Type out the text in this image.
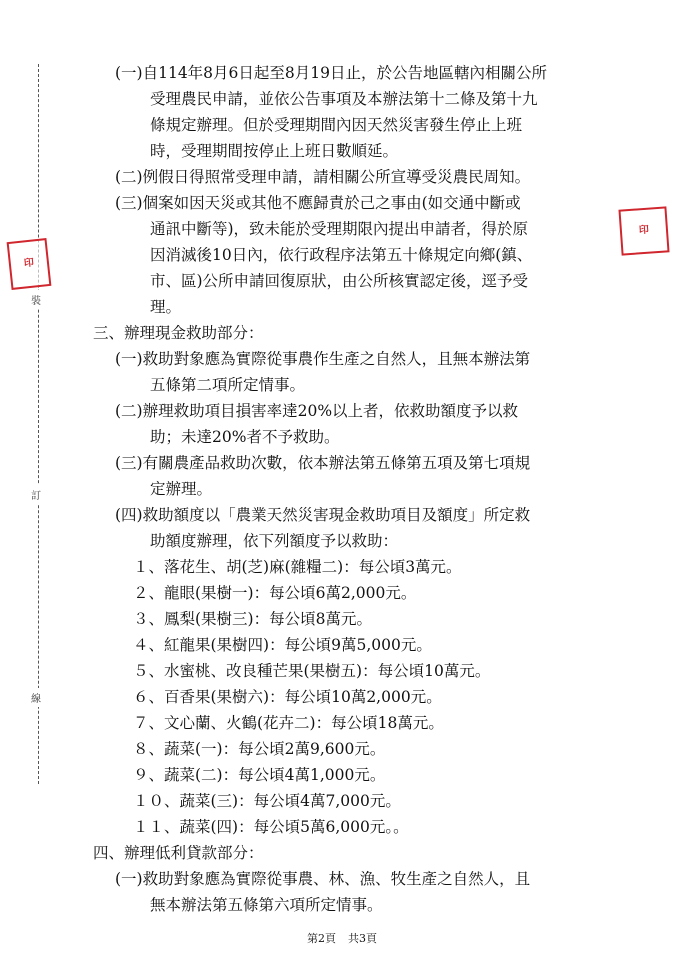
裝
訂
線
印
印
(一)自114年8月6日起至8月19日止，於公告地區轄內相關公所
受理農民申請，並依公告事項及本辦法第十二條及第十九
條規定辦理。但於受理期間內因天然災害發生停止上班
時，受理期間按停止上班日數順延。
(二)例假日得照常受理申請，請相關公所宣導受災農民周知。
(三)個案如因天災或其他不應歸責於己之事由(如交通中斷或
通訊中斷等)，致未能於受理期限內提出申請者，得於原
因消滅後10日內，依行政程序法第五十條規定向鄉(鎮、
市、區)公所申請回復原狀，由公所核實認定後，逕予受
理。
三、辦理現金救助部分：
(一)救助對象應為實際從事農作生產之自然人，且無本辦法第
五條第二項所定情事。
(二)辦理救助項目損害率達20%以上者，依救助額度予以救
助；未達20%者不予救助。
(三)有關農產品救助次數，依本辦法第五條第五項及第七項規
定辦理。
(四)救助額度以「農業天然災害現金救助項目及額度」所定救
助額度辦理，依下列額度予以救助：
１、落花生、胡(芝)麻(雜糧二)：每公頃3萬元。
２、龍眼(果樹一)：每公頃6萬2,000元。
３、鳳梨(果樹三)：每公頃8萬元。
４、紅龍果(果樹四)：每公頃9萬5,000元。
５、水蜜桃、改良種芒果(果樹五)：每公頃10萬元。
６、百香果(果樹六)：每公頃10萬2,000元。
７、文心蘭、火鶴(花卉二)：每公頃18萬元。
８、蔬菜(一)：每公頃2萬9,600元。
９、蔬菜(二)：每公頃4萬1,000元。
１０、蔬菜(三)：每公頃4萬7,000元。
１１、蔬菜(四)：每公頃5萬6,000元。。
四、辦理低利貸款部分：
(一)救助對象應為實際從事農、林、漁、牧生產之自然人，且
無本辦法第五條第六項所定情事。
第2頁 共3頁
